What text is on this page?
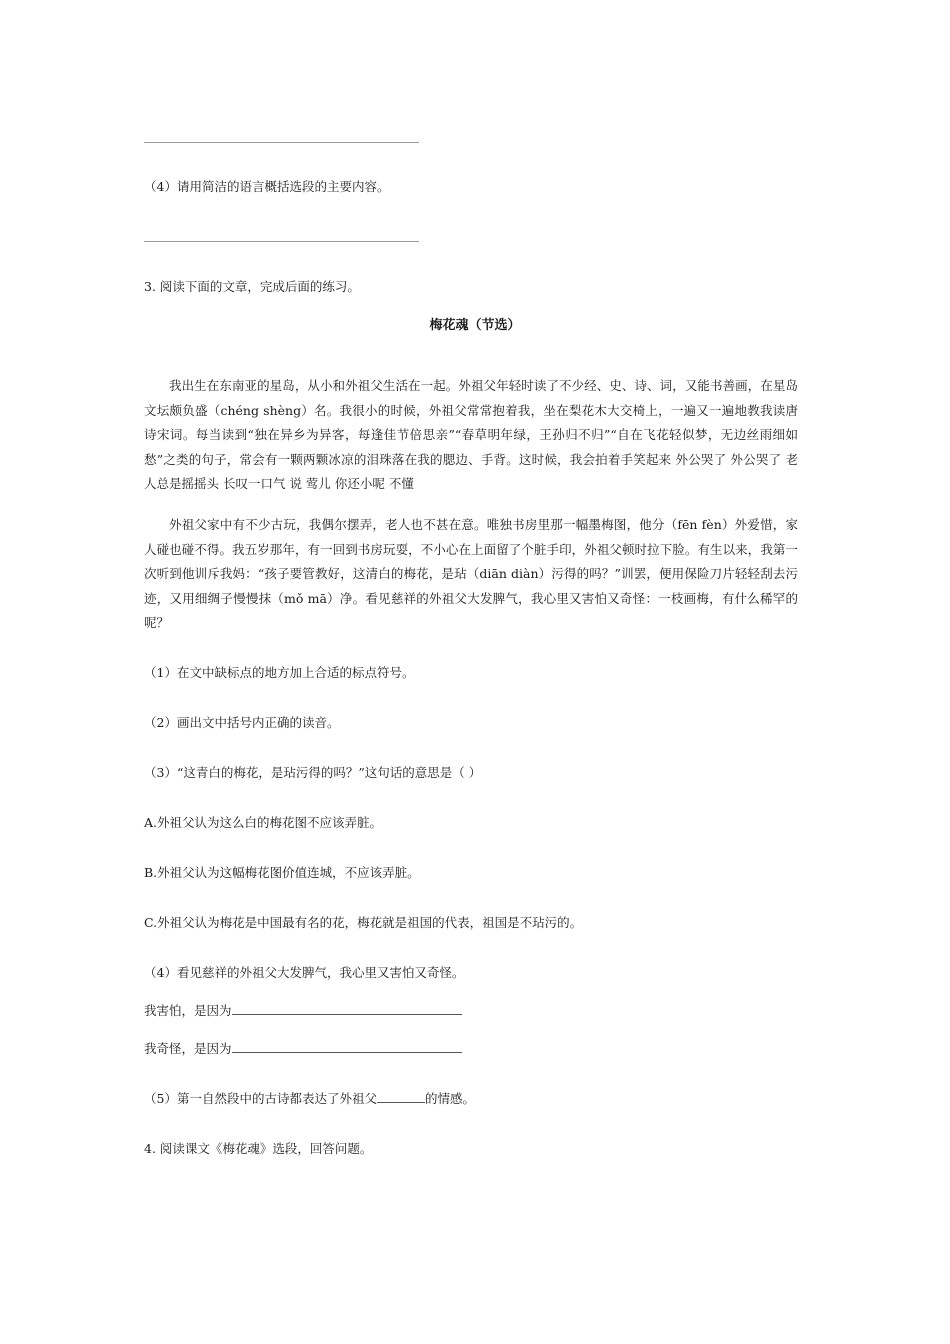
（4）请用简洁的语言概括选段的主要内容。
3. 阅读下面的文章，完成后面的练习。
梅花魂（节选）
我出生在东南亚的星岛，从小和外祖父生活在一起。外祖父年轻时读了不少经、史、诗、词，又能书善画，在星岛文坛颇负盛（chéng shèng）名。我很小的时候，外祖父常常抱着我，坐在梨花木大交椅上，一遍又一遍地教我读唐诗宋词。每当读到“独在异乡为异客，每逢佳节倍思亲”“春草明年绿，王孙归不归”“自在飞花轻似梦，无边丝雨细如愁”之类的句子，常会有一颗两颗冰凉的泪珠落在我的腮边、手背。这时候，我会拍着手笑起来 外公哭了 外公哭了 老人总是摇摇头 长叹一口气 说 莺儿 你还小呢 不懂
外祖父家中有不少古玩，我偶尔摆弄，老人也不甚在意。唯独书房里那一幅墨梅图，他分（fēn fèn）外爱惜，家人碰也碰不得。我五岁那年，有一回到书房玩耍，不小心在上面留了个脏手印，外祖父顿时拉下脸。有生以来，我第一次听到他训斥我妈：“孩子要管教好，这清白的梅花，是玷（diān diàn）污得的吗？”训罢，便用保险刀片轻轻刮去污迹，又用细绸子慢慢抹（mǒ mā）净。看见慈祥的外祖父大发脾气，我心里又害怕又奇怪：一枝画梅，有什么稀罕的呢？
（1）在文中缺标点的地方加上合适的标点符号。
（2）画出文中括号内正确的读音。
（3）“这青白的梅花，是玷污得的吗？”这句话的意思是（ ）
A.外祖父认为这么白的梅花图不应该弄脏。
B.外祖父认为这幅梅花图价值连城，不应该弄脏。
C.外祖父认为梅花是中国最有名的花，梅花就是祖国的代表，祖国是不玷污的。
（4）看见慈祥的外祖父大发脾气，我心里又害怕又奇怪。
我害怕，是因为
我奇怪，是因为
（5）第一自然段中的古诗都表达了外祖父	的情感。
4. 阅读课文《梅花魂》选段，回答问题。
